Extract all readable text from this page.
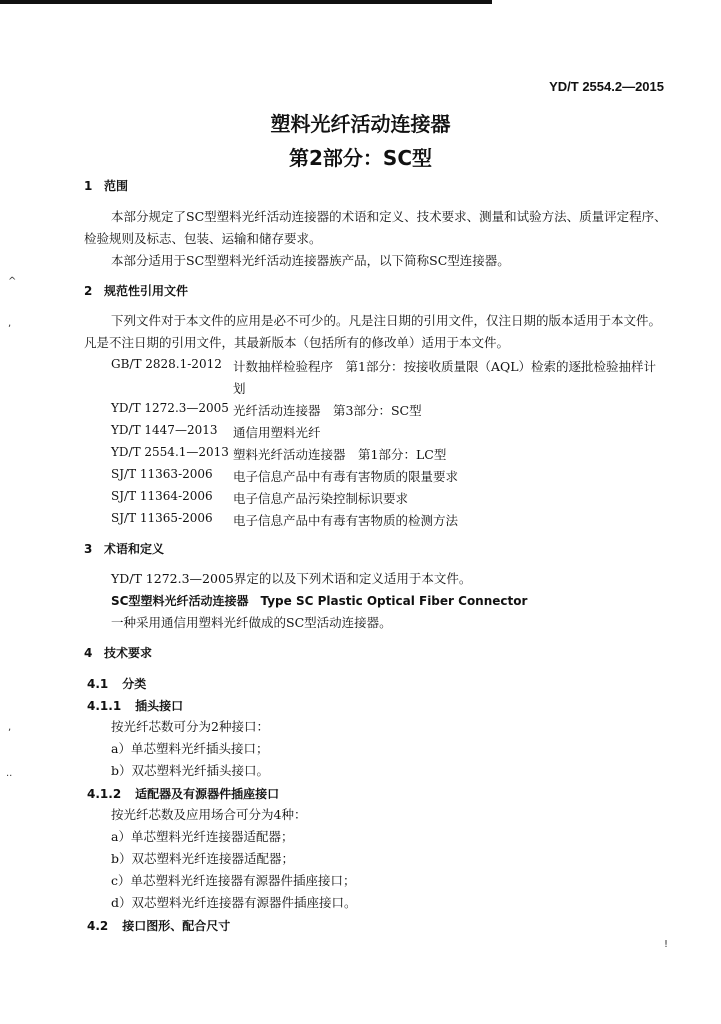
^
,
,
..
!
YD/T 2554.2—2015
塑料光纤活动连接器
第2部分：SC型
1 范围
本部分规定了SC型塑料光纤活动连接器的术语和定义、技术要求、测量和试验方法、质量评定程序、
检验规则及标志、包装、运输和储存要求。
本部分适用于SC型塑料光纤活动连接器族产品，以下简称SC型连接器。
2 规范性引用文件
下列文件对于本文件的应用是必不可少的。凡是注日期的引用文件，仅注日期的版本适用于本文件。
凡是不注日期的引用文件，其最新版本（包括所有的修改单）适用于本文件。
GB/T 2828.1-2012 计数抽样检验程序　第1部分：按接收质量限（AQL）检索的逐批检验抽样计
划
YD/T 1272.3—2005 光纤活动连接器　第3部分：SC型
YD/T 1447—2013 通信用塑料光纤
YD/T 2554.1—2013 塑料光纤活动连接器　第1部分：LC型
SJ/T 11363-2006 电子信息产品中有毒有害物质的限量要求
SJ/T 11364-2006 电子信息产品污染控制标识要求
SJ/T 11365-2006 电子信息产品中有毒有害物质的检测方法
3 术语和定义
YD/T 1272.3—2005界定的以及下列术语和定义适用于本文件。
SC型塑料光纤活动连接器　Type SC Plastic Optical Fiber Connector
一种采用通信用塑料光纤做成的SC型活动连接器。
4 技术要求
4.1 分类
4.1.1 插头接口
按光纤芯数可分为2种接口：
a）单芯塑料光纤插头接口；
b）双芯塑料光纤插头接口。
4.1.2 适配器及有源器件插座接口
按光纤芯数及应用场合可分为4种：
a）单芯塑料光纤连接器适配器；
b）双芯塑料光纤连接器适配器；
c）单芯塑料光纤连接器有源器件插座接口；
d）双芯塑料光纤连接器有源器件插座接口。
4.2 接口图形、配合尺寸
